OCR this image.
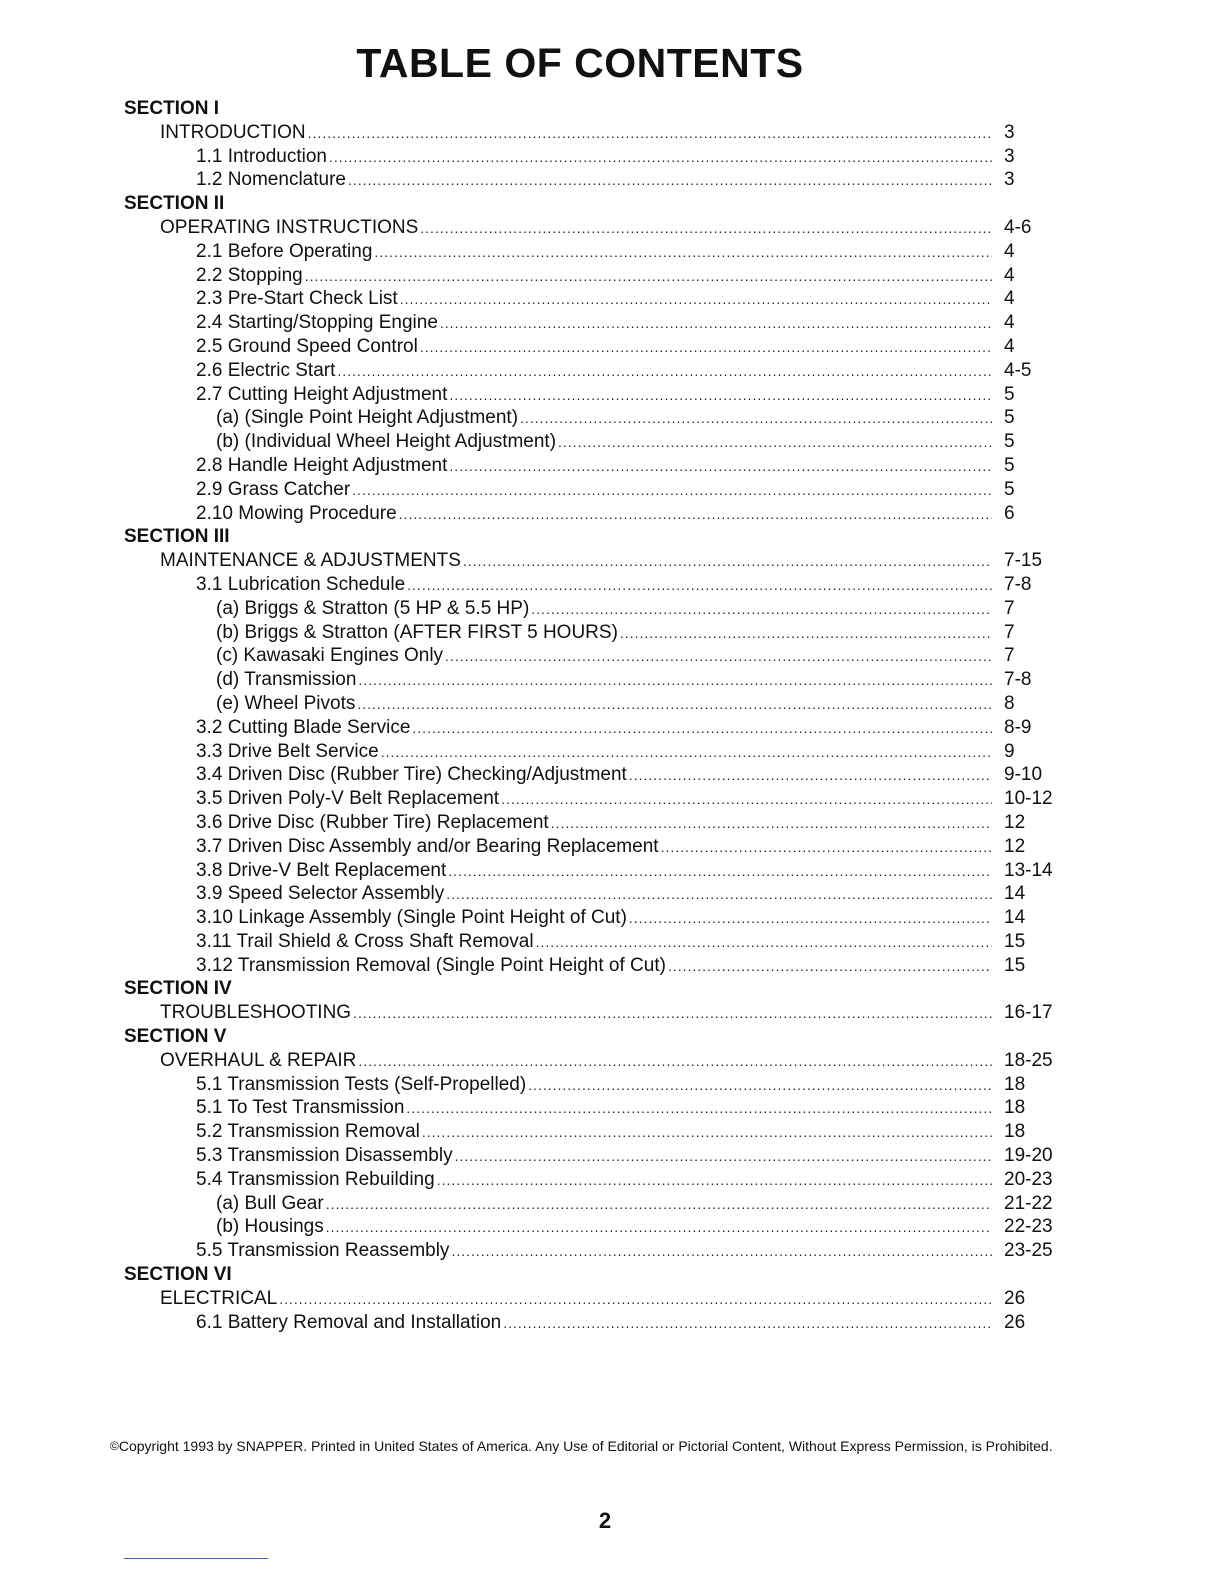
TABLE OF CONTENTS
SECTION I
INTRODUCTION .....	3
1.1 Introduction .....	3
1.2 Nomenclature .....	3
SECTION II
OPERATING INSTRUCTIONS .....	4-6
2.1 Before Operating .....	4
2.2 Stopping .....	4
2.3 Pre-Start Check List .....	4
2.4 Starting/Stopping Engine .....	4
2.5 Ground Speed Control .....	4
2.6 Electric Start .....	4-5
2.7 Cutting Height Adjustment .....	5
(a) (Single Point Height Adjustment) .....	5
(b) (Individual Wheel Height Adjustment) .....	5
2.8 Handle Height Adjustment .....	5
2.9 Grass Catcher .....	5
2.10 Mowing Procedure .....	6
SECTION III
MAINTENANCE & ADJUSTMENTS .....	7-15
3.1 Lubrication Schedule .....	7-8
(a) Briggs & Stratton (5 HP & 5.5 HP) .....	7
(b) Briggs & Stratton (AFTER FIRST 5 HOURS) .....	7
(c) Kawasaki Engines Only .....	7
(d) Transmission .....	7-8
(e) Wheel Pivots .....	8
3.2 Cutting Blade Service .....	8-9
3.3 Drive Belt Service .....	9
3.4 Driven Disc (Rubber Tire) Checking/Adjustment .....	9-10
3.5 Driven Poly-V Belt Replacement .....	10-12
3.6 Drive Disc (Rubber Tire) Replacement .....	12
3.7 Driven Disc Assembly and/or Bearing Replacement .....	12
3.8 Drive-V Belt Replacement .....	13-14
3.9 Speed Selector Assembly .....	14
3.10 Linkage Assembly (Single Point Height of Cut) .....	14
3.11 Trail Shield & Cross Shaft Removal .....	15
3.12 Transmission Removal (Single Point Height of Cut) .....	15
SECTION IV
TROUBLESHOOTING .....	16-17
SECTION V
OVERHAUL & REPAIR .....	18-25
5.1 Transmission Tests (Self-Propelled) .....	18
5.1 To Test Transmission .....	18
5.2 Transmission Removal .....	18
5.3 Transmission Disassembly .....	19-20
5.4 Transmission Rebuilding .....	20-23
(a) Bull Gear .....	21-22
(b) Housings .....	22-23
5.5 Transmission Reassembly .....	23-25
SECTION VI
ELECTRICAL .....	26
6.1 Battery Removal and Installation .....	26
©Copyright 1993 by SNAPPER. Printed in United States of America. Any Use of Editorial or Pictorial Content, Without Express Permission, is Prohibited.
2
